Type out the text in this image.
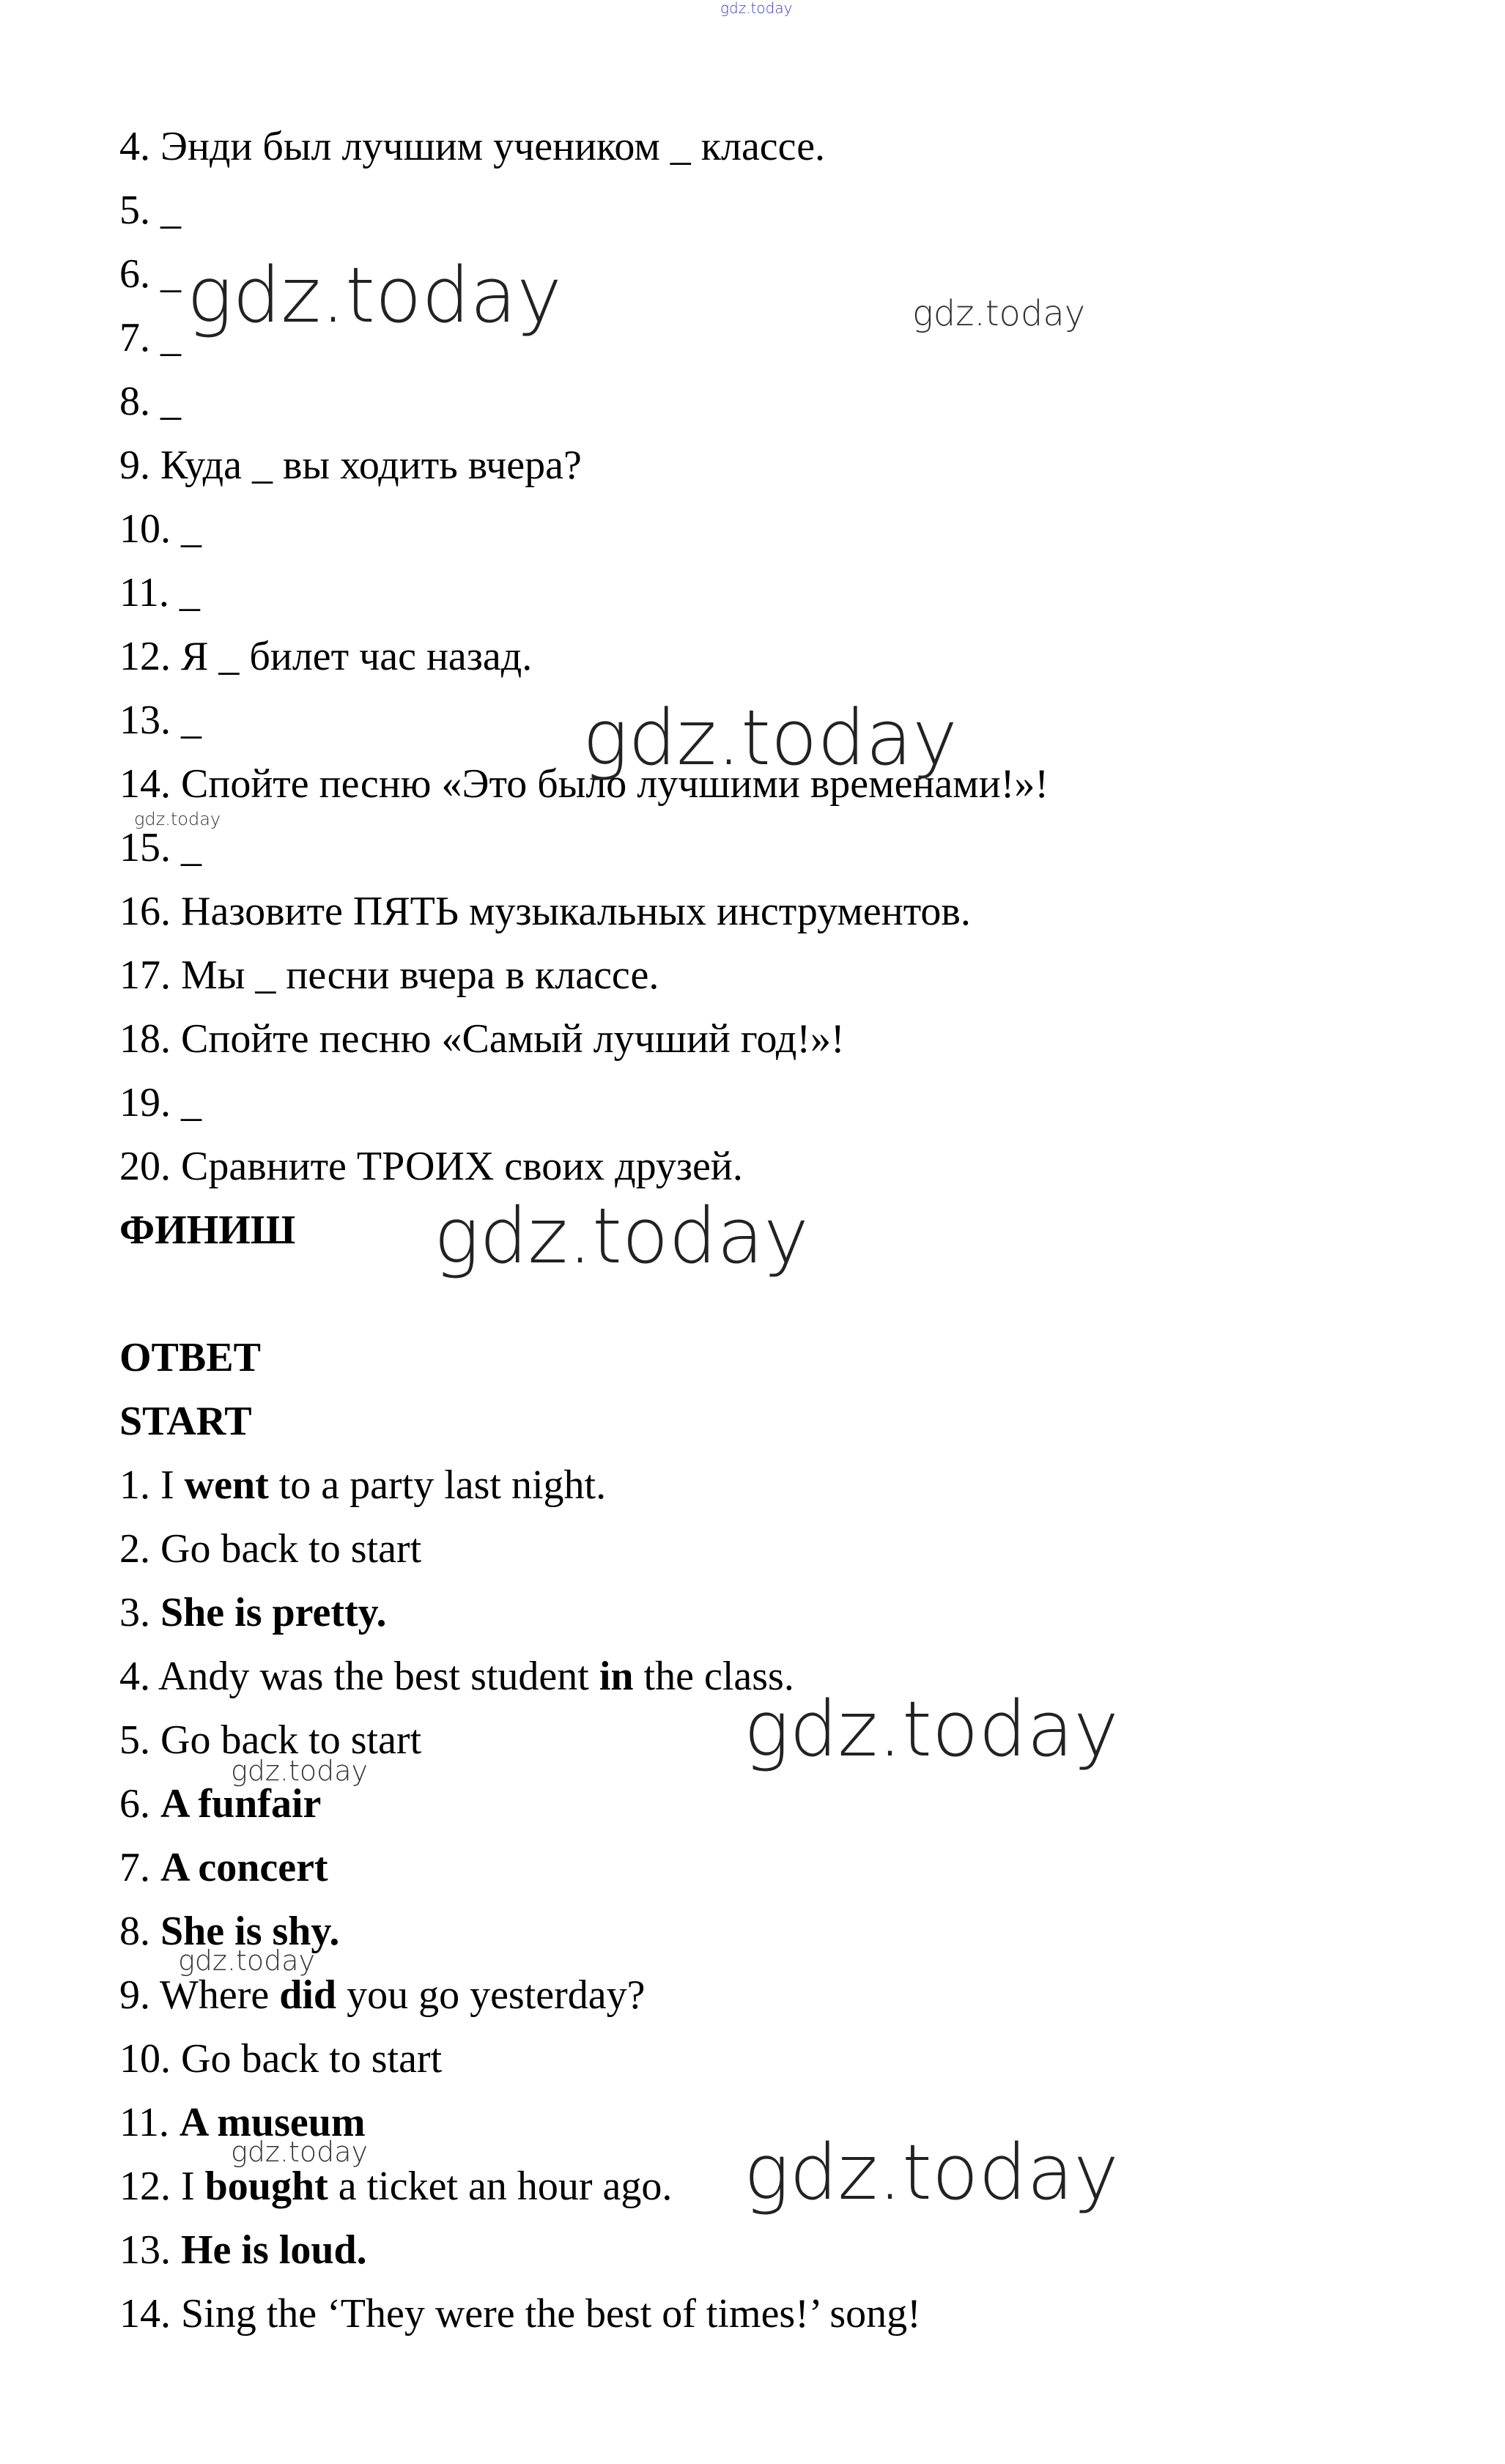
4. Энди был лучшим учеником _ классе.
5. _
6. _
7. _
8. _
9. Куда _ вы ходить вчера?
10. _
11. _
12. Я _ билет час назад.
13. _
14. Спойте песню «Это было лучшими временами!»!
15. _
16. Назовите ПЯТЬ музыкальных инструментов.
17. Мы _ песни вчера в классе.
18. Спойте песню «Самый лучший год!»!
19. _
20. Сравните ТРОИХ своих друзей.
ФИНИШ
ОТВЕТ
START
1. I went to a party last night.
2. Go back to start
3. She is pretty.
4. Andy was the best student in the class.
5. Go back to start
6. A funfair
7. A concert
8. She is shy.
9. Where did you go yesterday?
10. Go back to start
11. A museum
12. I bought a ticket an hour ago.
13. He is loud.
14. Sing the ‘They were the best of times!’ song!
gdz.today
gdz.today	gdz.today
gdz.today
gdz.today
gdz.today
gdz.today
gdz.today
gdz.today
gdz.today	gdz.today
